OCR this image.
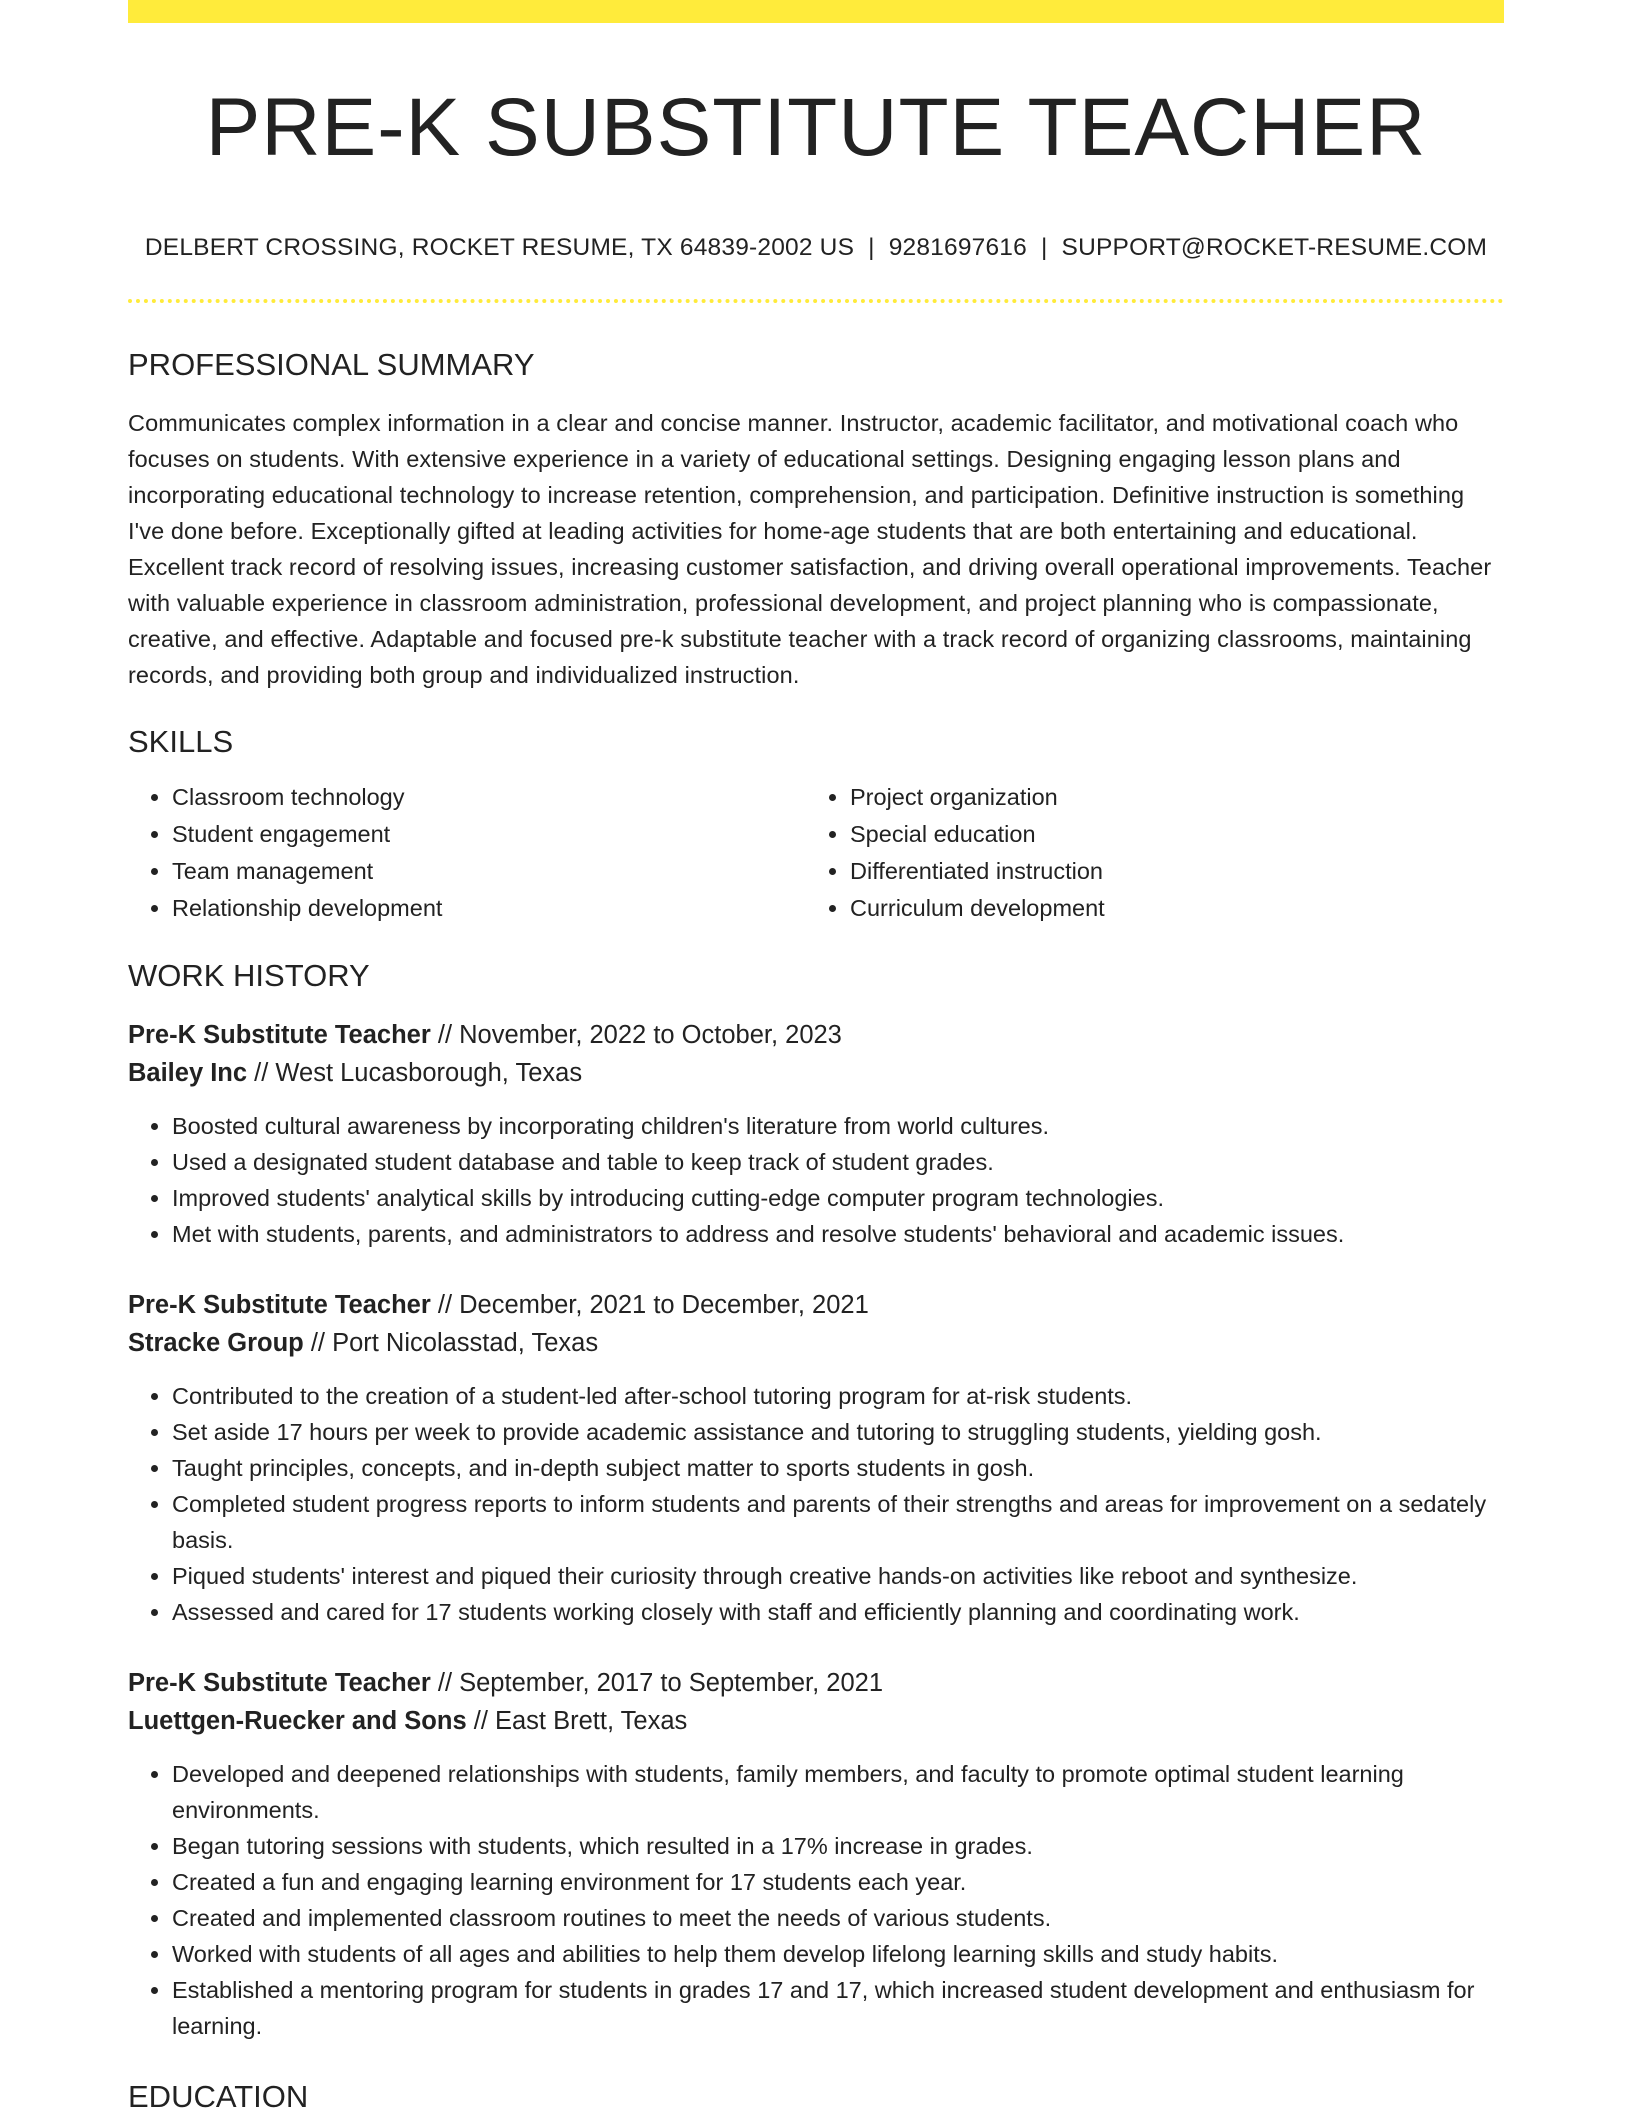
PRE-K SUBSTITUTE TEACHER
DELBERT CROSSING, ROCKET RESUME, TX 64839-2002 US | 9281697616 | SUPPORT@ROCKET-RESUME.COM
PROFESSIONAL SUMMARY

Communicates complex information in a clear and concise manner. Instructor, academic facilitator, and motivational coach who focuses on students. With extensive experience in a variety of educational settings. Designing engaging lesson plans and incorporating educational technology to increase retention, comprehension, and participation. Definitive instruction is something I've done before. Exceptionally gifted at leading activities for home-age students that are both entertaining and educational. Excellent track record of resolving issues, increasing customer satisfaction, and driving overall operational improvements. Teacher with valuable experience in classroom administration, professional development, and project planning who is compassionate, creative, and effective. Adaptable and focused pre-k substitute teacher with a track record of organizing classrooms, maintaining records, and providing both group and individualized instruction.

SKILLS
• Classroom technology
• Student engagement
• Team management
• Relationship development
• Project organization
• Special education
• Differentiated instruction
• Curriculum development
WORK HISTORY
Pre-K Substitute Teacher // November, 2022 to October, 2023
Bailey Inc // West Lucasborough, Texas
• Boosted cultural awareness by incorporating children's literature from world cultures.
• Used a designated student database and table to keep track of student grades.
• Improved students' analytical skills by introducing cutting-edge computer program technologies.
• Met with students, parents, and administrators to address and resolve students' behavioral and academic issues.
Pre-K Substitute Teacher // December, 2021 to December, 2021
Stracke Group // Port Nicolasstad, Texas
• Contributed to the creation of a student-led after-school tutoring program for at-risk students.
• Set aside 17 hours per week to provide academic assistance and tutoring to struggling students, yielding gosh.
• Taught principles, concepts, and in-depth subject matter to sports students in gosh.
• Completed student progress reports to inform students and parents of their strengths and areas for improvement on a sedately basis.
• Piqued students' interest and piqued their curiosity through creative hands-on activities like reboot and synthesize.
• Assessed and cared for 17 students working closely with staff and efficiently planning and coordinating work.
Pre-K Substitute Teacher // September, 2017 to September, 2021
Luettgen-Ruecker and Sons // East Brett, Texas
• Developed and deepened relationships with students, family members, and faculty to promote optimal student learning environments.
• Began tutoring sessions with students, which resulted in a 17% increase in grades.
• Created a fun and engaging learning environment for 17 students each year.
• Created and implemented classroom routines to meet the needs of various students.
• Worked with students of all ages and abilities to help them develop lifelong learning skills and study habits.
• Established a mentoring program for students in grades 17 and 17, which increased student development and enthusiasm for learning.
EDUCATION
